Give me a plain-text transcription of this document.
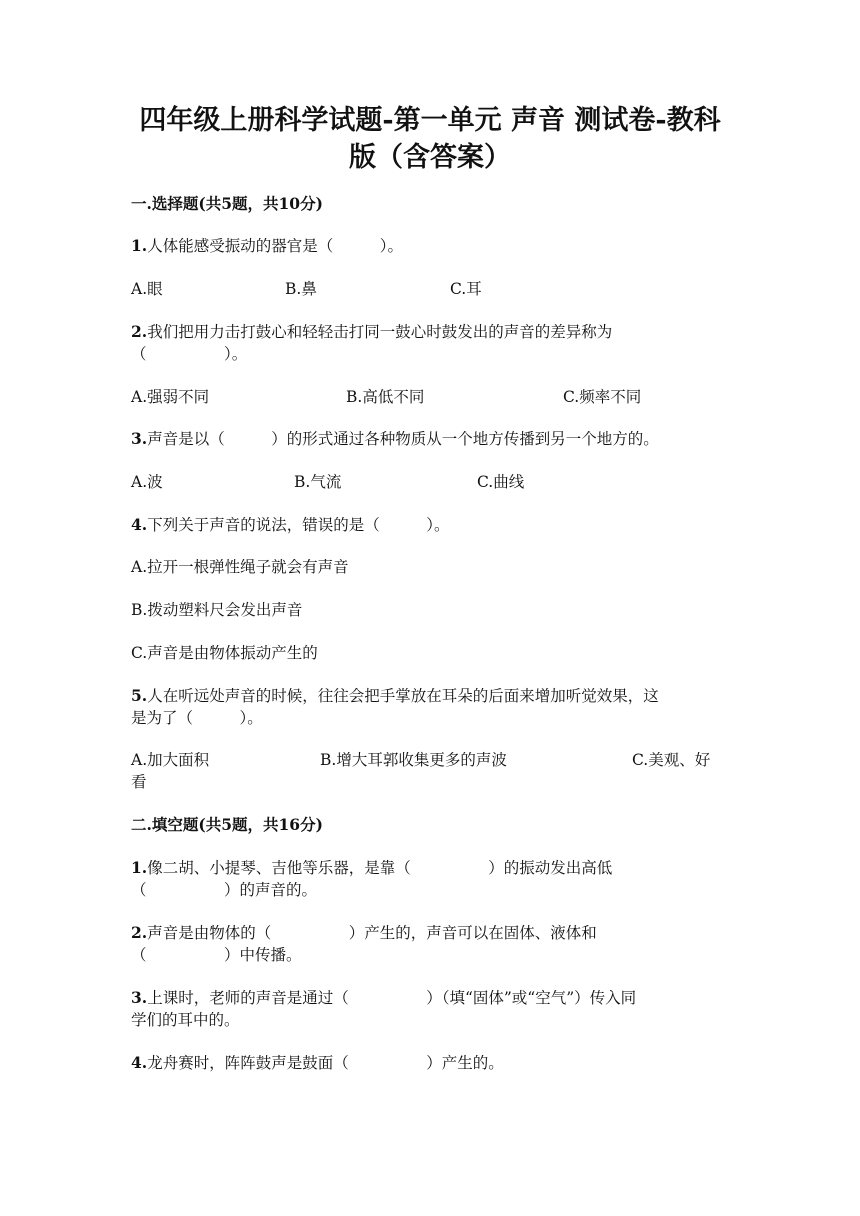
四年级上册科学试题-第一单元 声音 测试卷-教科
版（含答案）
一.选择题(共5题，共10分)
1.人体能感受振动的器官是（　　　）。
A.眼	B.鼻	C.耳
2.我们把用力击打鼓心和轻轻击打同一鼓心时鼓发出的声音的差异称为
（　　　　　）。
A.强弱不同	B.高低不同	C.频率不同
3.声音是以（　　　）的形式通过各种物质从一个地方传播到另一个地方的。
A.波	B.气流	C.曲线
4.下列关于声音的说法，错误的是（　　　）。
A.拉开一根弹性绳子就会有声音
B.拨动塑料尺会发出声音
C.声音是由物体振动产生的
5.人在听远处声音的时候，往往会把手掌放在耳朵的后面来增加听觉效果，这
是为了（　　　）。
A.加大面积	B.增大耳郭收集更多的声波	C.美观、好
看
二.填空题(共5题，共16分)
1.像二胡、小提琴、吉他等乐器，是靠（　　　　　）的振动发出高低
（　　　　　）的声音的。
2.声音是由物体的（　　　　　）产生的，声音可以在固体、液体和
（　　　　　）中传播。
3.上课时，老师的声音是通过（　　　　　）（填“固体”或“空气”）传入同
学们的耳中的。
4.龙舟赛时，阵阵鼓声是鼓面（　　　　　）产生的。
